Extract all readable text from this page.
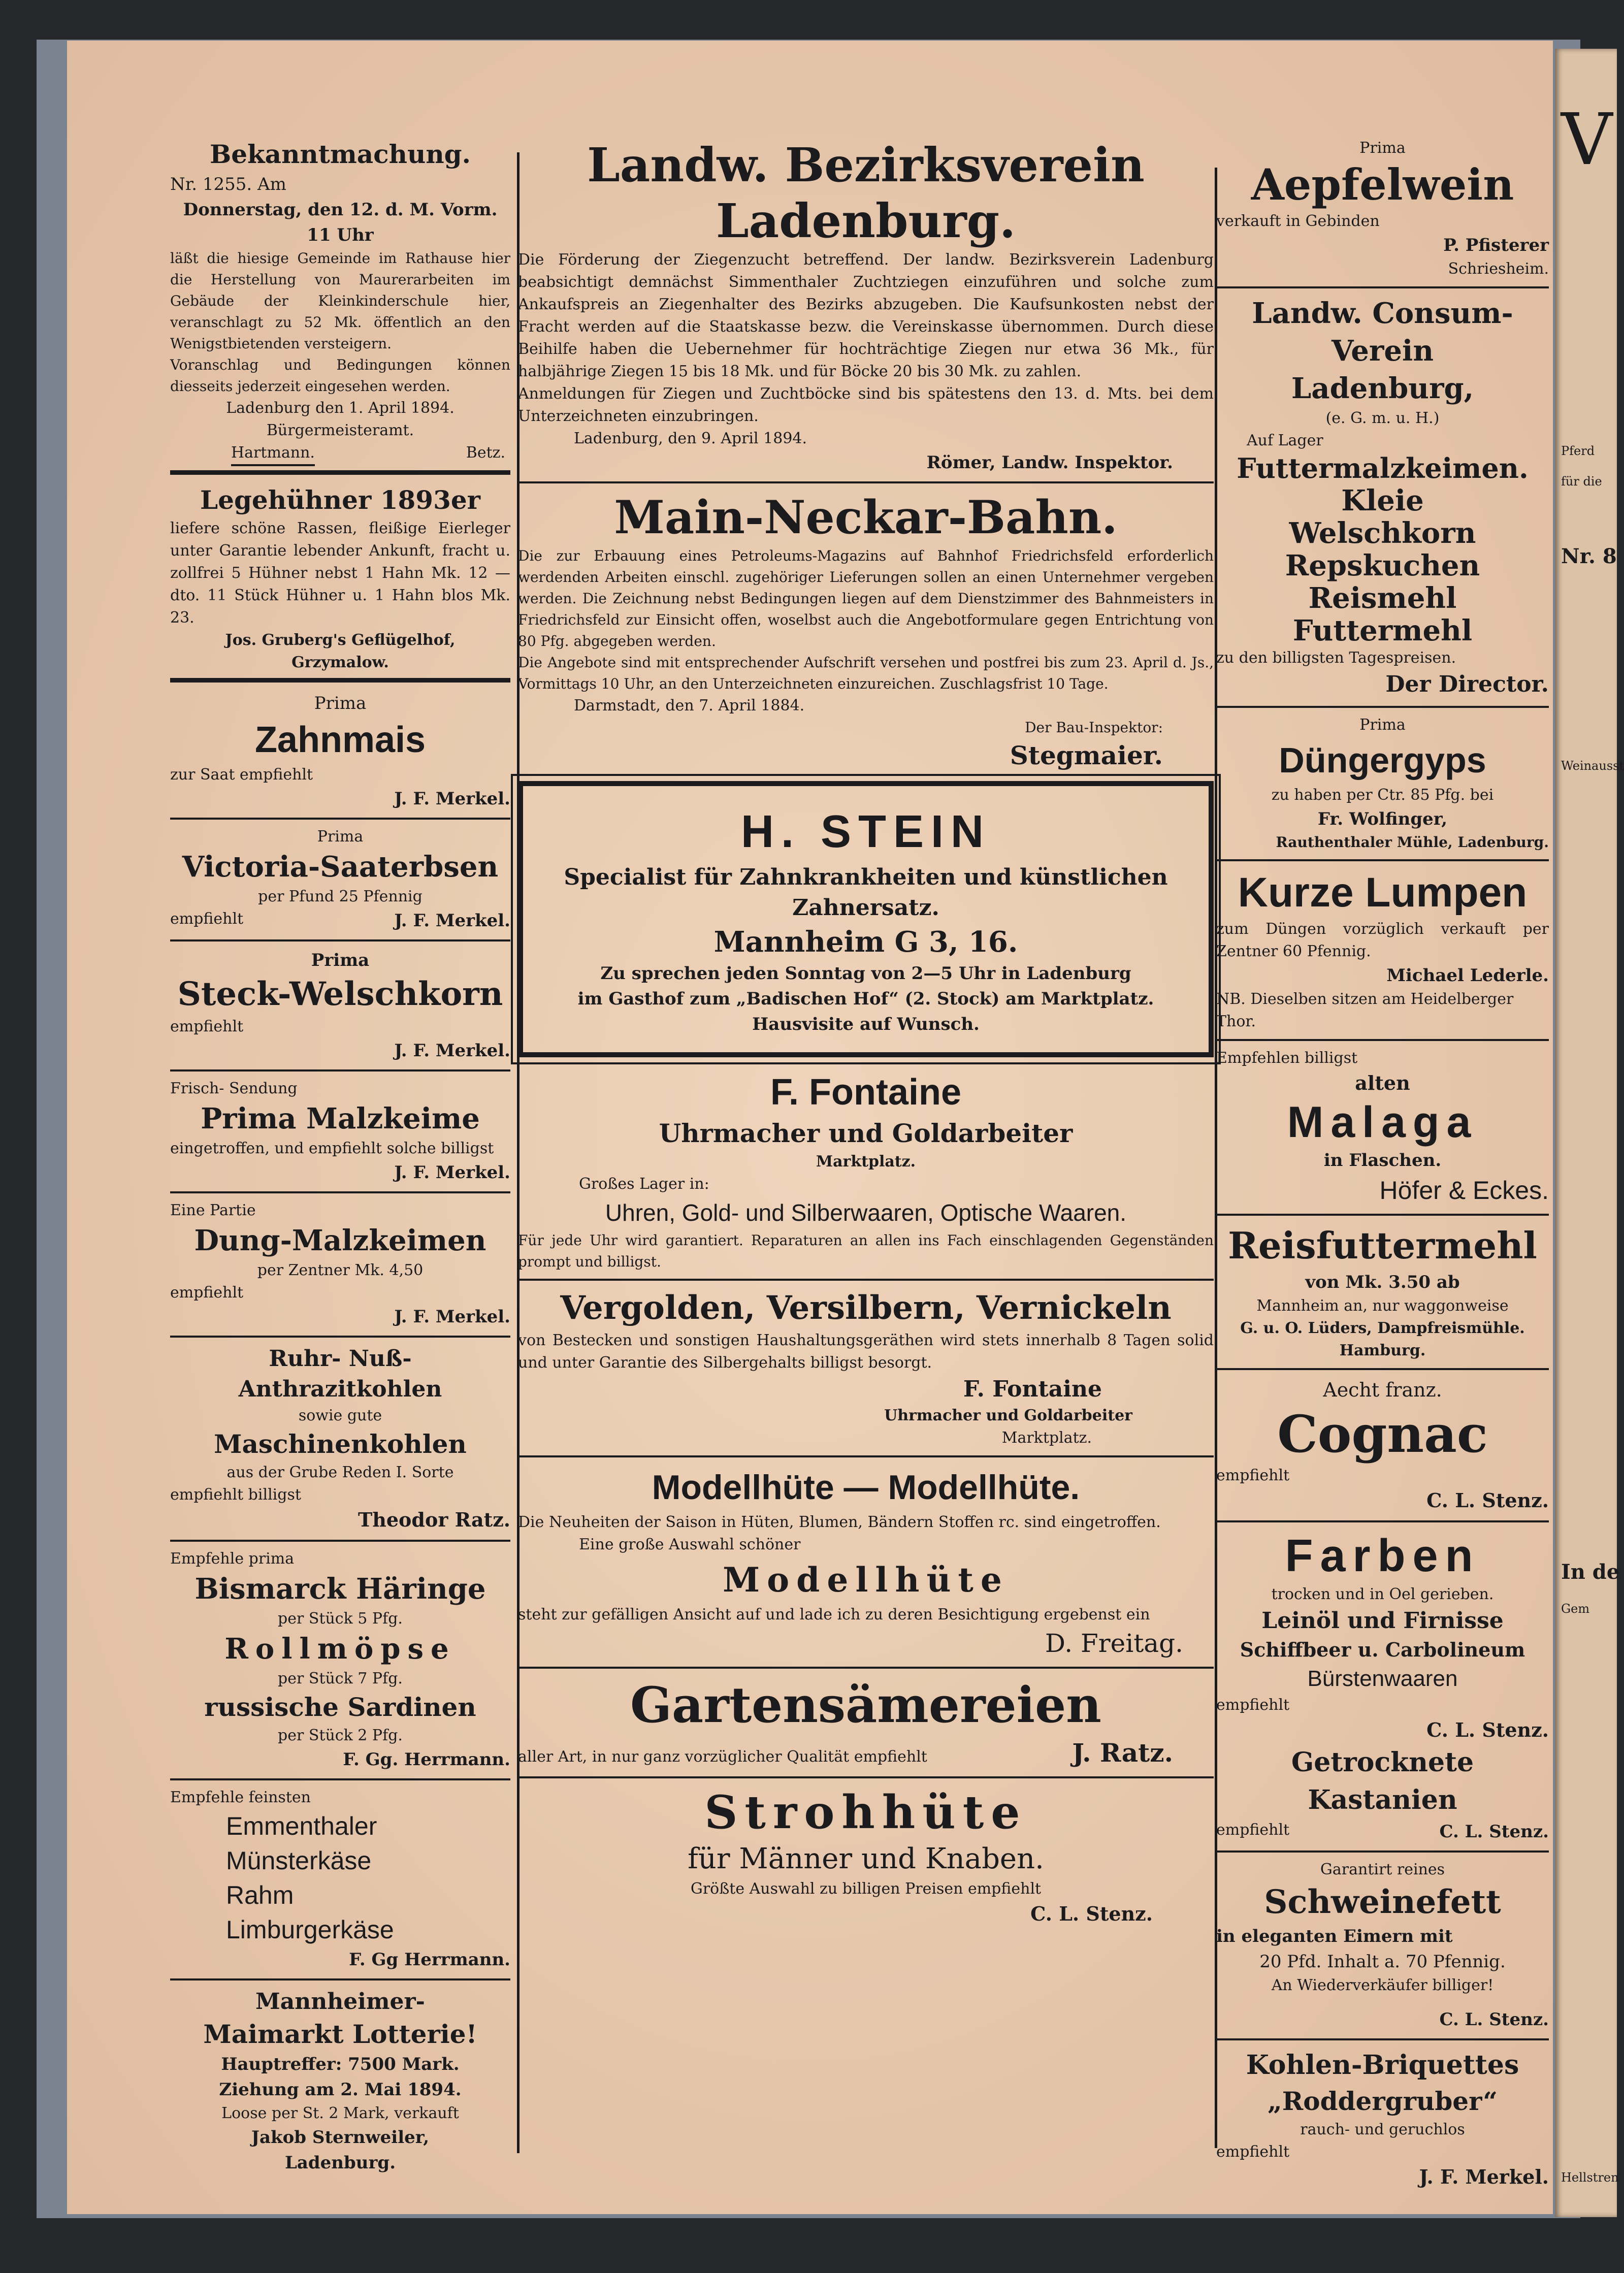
V
Pferd
für die
Nr. 8
Weinausst
In de
Gem
Hellstren

Bekanntmachung.

Nr. 1255. Am

Donnerstag, den 12. d. M. Vorm.

11 Uhr

läßt die hiesige Gemeinde im Rathause hier die Herstellung von Maurerarbeiten im Gebäude der Kleinkinderschule hier, veranschlagt zu 52 Mk. öffentlich an den Wenigstbietenden versteigern.

Voranschlag und Bedingungen können diesseits jederzeit eingesehen werden.

Ladenburg den 1. April 1894.

Bürgermeisteramt.

Hartmann.	Betz.

Legehühner 1893er

liefere schöne Rassen, fleißige Eierleger unter Garantie lebender Ankunft, fracht u. zollfrei 5 Hühner nebst 1 Hahn Mk. 12 — dto. 11 Stück Hühner u. 1 Hahn blos Mk. 23.

Jos. Gruberg's Geflügelhof,

Grzymalow.

Prima

Zahnmais

zur Saat empfiehlt

J. F. Merkel.

Prima

Victoria-Saaterbsen

per Pfund 25 Pfennig

empfiehlt	J. F. Merkel.

Prima

Steck-Welschkorn

empfiehlt

J. F. Merkel.

Frisch- Sendung

Prima Malzkeime

eingetroffen, und empfiehlt solche billigst

J. F. Merkel.

Eine Partie

Dung-Malzkeimen

per Zentner Mk. 4,50

empfiehlt

J. F. Merkel.

Ruhr- Nuß- Anthrazitkohlen

sowie gute

Maschinenkohlen

aus der Grube Reden I. Sorte

empfiehlt billigst

Theodor Ratz.

Empfehle prima

Bismarck Häringe

per Stück 5 Pfg.

Rollmöpse

per Stück 7 Pfg.

russische Sardinen

per Stück 2 Pfg.

F. Gg. Herrmann.

Empfehle feinsten

Emmenthaler

Münsterkäse

Rahm

Limburgerkäse

F. Gg Herrmann.

Mannheimer-

Maimarkt Lotterie!

Hauptreffer: 7500 Mark.

Ziehung am 2. Mai 1894.

Loose per St. 2 Mark, verkauft

Jakob Sternweiler,

Ladenburg.

Landw. Bezirksverein Ladenburg.

Die Förderung der Ziegenzucht betreffend. Der landw. Bezirksverein Ladenburg beabsichtigt demnächst Simmenthaler Zuchtziegen einzuführen und solche zum Ankaufspreis an Ziegenhalter des Bezirks abzugeben. Die Kaufsunkosten nebst der Fracht werden auf die Staatskasse bezw. die Vereinskasse übernommen. Durch diese Beihilfe haben die Uebernehmer für hochträchtige Ziegen nur etwa 36 Mk., für halbjährige Ziegen 15 bis 18 Mk. und für Böcke 20 bis 30 Mk. zu zahlen.

Anmeldungen für Ziegen und Zuchtböcke sind bis spätestens den 13. d. Mts. bei dem Unterzeichneten einzubringen.

Ladenburg, den 9. April 1894.

Römer, Landw. Inspektor.

Main-Neckar-Bahn.

Die zur Erbauung eines Petroleums-Magazins auf Bahnhof Friedrichsfeld erforderlich werdenden Arbeiten einschl. zugehöriger Lieferungen sollen an einen Unternehmer vergeben werden. Die Zeichnung nebst Bedingungen liegen auf dem Dienstzimmer des Bahnmeisters in Friedrichsfeld zur Einsicht offen, woselbst auch die Angebotformulare gegen Entrichtung von 80 Pfg. abgegeben werden.

Die Angebote sind mit entsprechender Aufschrift versehen und postfrei bis zum 23. April d. Js., Vormittags 10 Uhr, an den Unterzeichneten einzureichen. Zuschlagsfrist 10 Tage.

Darmstadt, den 7. April 1884.

Der Bau-Inspektor:

Stegmaier.

H. STEIN

Specialist für Zahnkrankheiten und künstlichen

Zahnersatz.

Mannheim G 3, 16.

Zu sprechen jeden Sonntag von 2—5 Uhr in Ladenburg

im Gasthof zum „Badischen Hof“ (2. Stock) am Marktplatz.

Hausvisite auf Wunsch.

F. Fontaine

Uhrmacher und Goldarbeiter

Marktplatz.

Großes Lager in:

Uhren, Gold- und Silberwaaren, Optische Waaren.

Für jede Uhr wird garantiert. Reparaturen an allen ins Fach einschlagenden Gegenständen prompt und billigst.

Vergolden, Versilbern, Vernickeln

von Bestecken und sonstigen Haushaltungsgeräthen wird stets innerhalb 8 Tagen solid und unter Garantie des Silbergehalts billigst besorgt.

F. Fontaine

Uhrmacher und Goldarbeiter

Marktplatz.

Modellhüte — Modellhüte.

Die Neuheiten der Saison in Hüten, Blumen, Bändern Stoffen rc. sind eingetroffen.

Eine große Auswahl schöner

Modellhüte

steht zur gefälligen Ansicht auf und lade ich zu deren Besichtigung ergebenst ein

D. Freitag.

Gartensämereien

aller Art, in nur ganz vorzüglicher Qualität empfiehlt	J. Ratz.

Strohhüte

für Männer und Knaben.

Größte Auswahl zu billigen Preisen empfiehlt

C. L. Stenz.

Prima

Aepfelwein

verkauft in Gebinden

P. Pfisterer

Schriesheim.

Landw. Consum-Verein

Ladenburg,

(e. G. m. u. H.)

Auf Lager

Futtermalzkeimen.

Kleie

Welschkorn

Repskuchen

Reismehl

Futtermehl

zu den billigsten Tagespreisen.

Der Director.

Prima

Düngergyps

zu haben per Ctr. 85 Pfg. bei

Fr. Wolfinger,

Rauthenthaler Mühle, Ladenburg.

Kurze Lumpen

zum Düngen vorzüglich verkauft per Zentner 60 Pfennig.

Michael Lederle.

NB. Dieselben sitzen am Heidelberger Thor.

Empfehlen billigst

alten

Malaga

in Flaschen.

Höfer & Eckes.

Reisfuttermehl

von Mk. 3.50 ab

Mannheim an, nur waggonweise

G. u. O. Lüders, Dampfreismühle.

Hamburg.

Aecht franz.

Cognac

empfiehlt

C. L. Stenz.

Farben

trocken und in Oel gerieben.

Leinöl und Firnisse

Schiffbeer u. Carbolineum

Bürstenwaaren

empfiehlt

C. L. Stenz.

Getrocknete Kastanien

empfiehlt	C. L. Stenz.

Garantirt reines

Schweinefett

in eleganten Eimern mit

20 Pfd. Inhalt a. 70 Pfennig.

An Wiederverkäufer billiger!

C. L. Stenz.

Kohlen-Briquettes

„Roddergruber“

rauch- und geruchlos

empfiehlt

J. F. Merkel.
